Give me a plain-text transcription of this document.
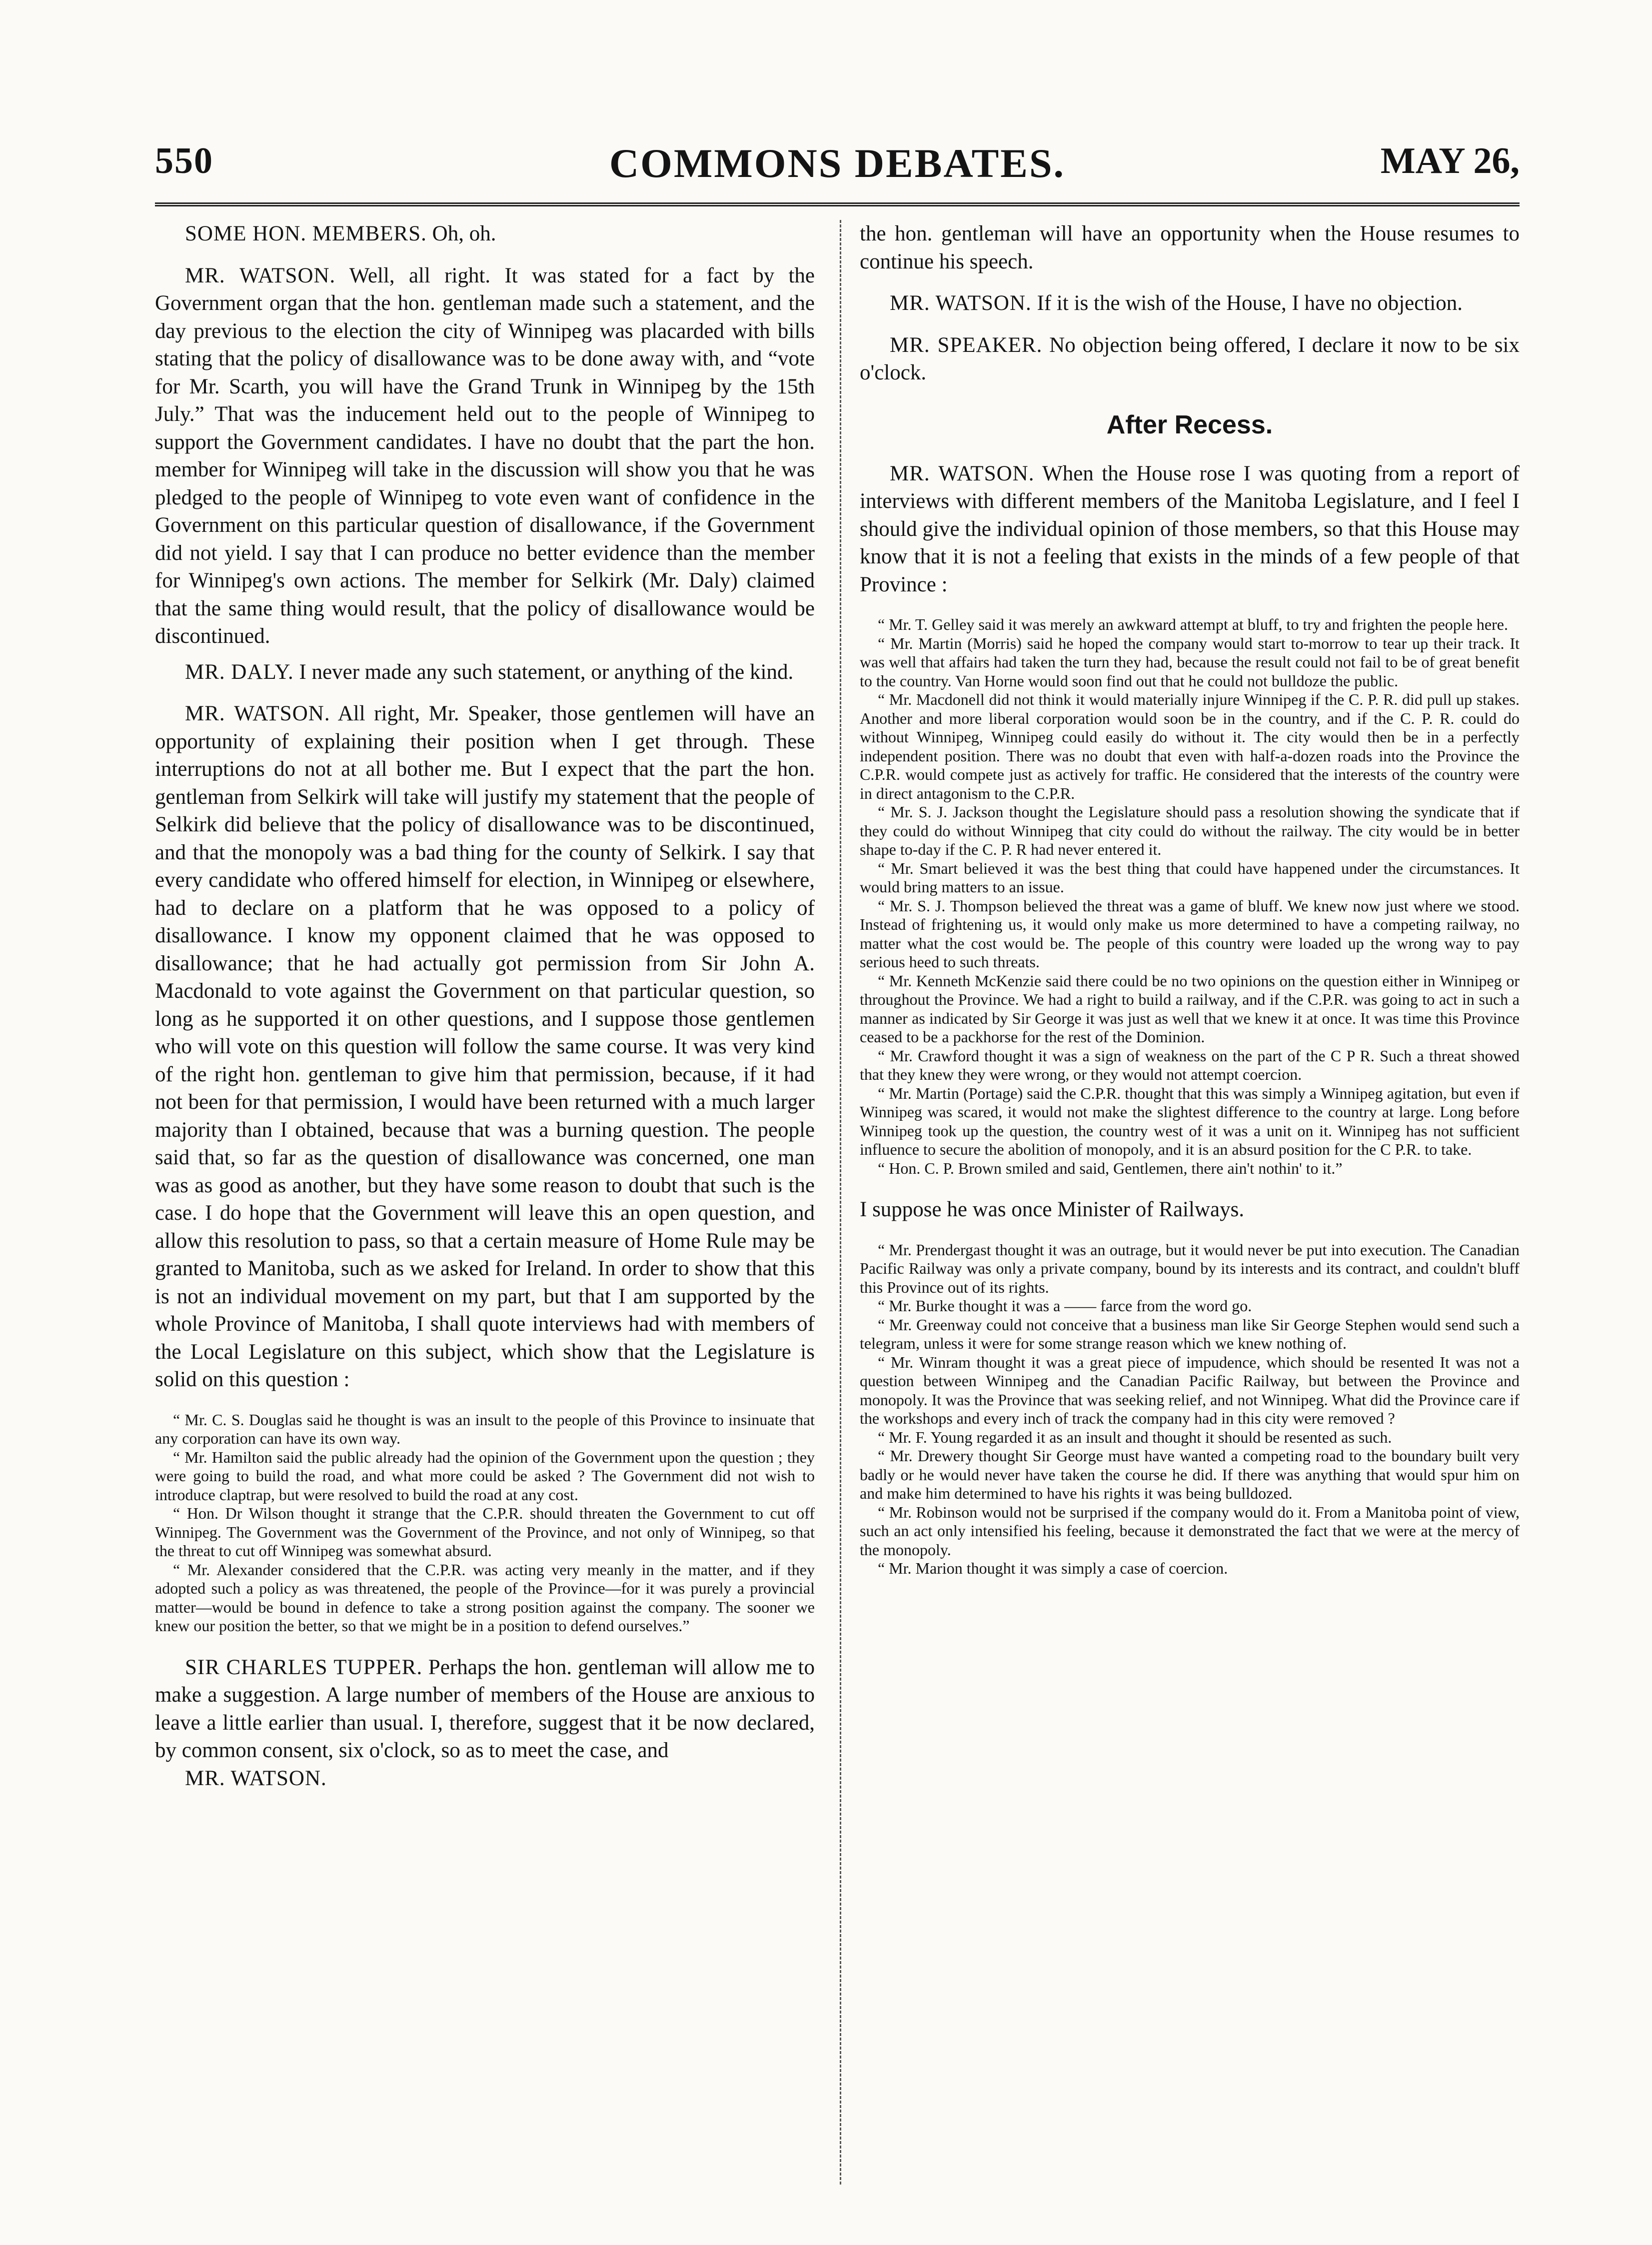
550	COMMONS DEBATES.	MAY 26,

SOME HON. MEMBERS. Oh, oh.

MR. WATSON. Well, all right. It was stated for a fact by the Government organ that the hon. gentleman made such a statement, and the day previous to the election the city of Winnipeg was placarded with bills stating that the policy of disallowance was to be done away with, and “vote for Mr. Scarth, you will have the Grand Trunk in Winnipeg by the 15th July.” That was the inducement held out to the people of Winnipeg to support the Government candidates. I have no doubt that the part the hon. member for Winnipeg will take in the discussion will show you that he was pledged to the people of Winnipeg to vote even want of confidence in the Government on this particular question of disallowance, if the Government did not yield. I say that I can produce no better evidence than the member for Winnipeg's own actions. The member for Selkirk (Mr. Daly) claimed that the same thing would result, that the policy of disallowance would be discontinued.

MR. DALY. I never made any such statement, or anything of the kind.

MR. WATSON. All right, Mr. Speaker, those gentlemen will have an opportunity of explaining their position when I get through. These interruptions do not at all bother me. But I expect that the part the hon. gentleman from Selkirk will take will justify my statement that the people of Selkirk did believe that the policy of disallowance was to be discontinued, and that the monopoly was a bad thing for the county of Selkirk. I say that every candidate who offered himself for election, in Winnipeg or elsewhere, had to declare on a platform that he was opposed to a policy of disallowance. I know my opponent claimed that he was opposed to disallowance; that he had actually got permission from Sir John A. Macdonald to vote against the Government on that particular question, so long as he supported it on other questions, and I suppose those gentlemen who will vote on this question will follow the same course. It was very kind of the right hon. gentleman to give him that permission, because, if it had not been for that permission, I would have been returned with a much larger majority than I obtained, because that was a burning question. The people said that, so far as the question of disallowance was concerned, one man was as good as another, but they have some reason to doubt that such is the case. I do hope that the Government will leave this an open question, and allow this resolution to pass, so that a certain measure of Home Rule may be granted to Manitoba, such as we asked for Ireland. In order to show that this is not an individual movement on my part, but that I am supported by the whole Province of Manitoba, I shall quote interviews had with members of the Local Legislature on this subject, which show that the Legislature is solid on this question :

“ Mr. C. S. Douglas said he thought is was an insult to the people of this Province to insinuate that any corporation can have its own way.

“ Mr. Hamilton said the public already had the opinion of the Government upon the question ; they were going to build the road, and what more could be asked ? The Government did not wish to introduce claptrap, but were resolved to build the road at any cost.

“ Hon. Dr Wilson thought it strange that the C.P.R. should threaten the Government to cut off Winnipeg. The Government was the Government of the Province, and not only of Winnipeg, so that the threat to cut off Winnipeg was somewhat absurd.

“ Mr. Alexander considered that the C.P.R. was acting very meanly in the matter, and if they adopted such a policy as was threatened, the people of the Province—for it was purely a provincial matter—would be bound in defence to take a strong position against the company. The sooner we knew our position the better, so that we might be in a position to defend ourselves.”

SIR CHARLES TUPPER. Perhaps the hon. gentleman will allow me to make a suggestion. A large number of members of the House are anxious to leave a little earlier than usual. I, therefore, suggest that it be now declared, by common consent, six o'clock, so as to meet the case, and
MR. WATSON.

the hon. gentleman will have an opportunity when the House resumes to continue his speech.

MR. WATSON. If it is the wish of the House, I have no objection.

MR. SPEAKER. No objection being offered, I declare it now to be six o'clock.

After Recess.

MR. WATSON. When the House rose I was quoting from a report of interviews with different members of the Manitoba Legislature, and I feel I should give the individual opinion of those members, so that this House may know that it is not a feeling that exists in the minds of a few people of that Province :

“ Mr. T. Gelley said it was merely an awkward attempt at bluff, to try and frighten the people here.

“ Mr. Martin (Morris) said he hoped the company would start to-morrow to tear up their track. It was well that affairs had taken the turn they had, because the result could not fail to be of great benefit to the country. Van Horne would soon find out that he could not bulldoze the public.

“ Mr. Macdonell did not think it would materially injure Winnipeg if the C. P. R. did pull up stakes. Another and more liberal corporation would soon be in the country, and if the C. P. R. could do without Winnipeg, Winnipeg could easily do without it. The city would then be in a perfectly independent position. There was no doubt that even with half-a-dozen roads into the Province the C.P.R. would compete just as actively for traffic. He considered that the interests of the country were in direct antagonism to the C.P.R.

“ Mr. S. J. Jackson thought the Legislature should pass a resolution showing the syndicate that if they could do without Winnipeg that city could do without the railway. The city would be in better shape to-day if the C. P. R had never entered it.

“ Mr. Smart believed it was the best thing that could have happened under the circumstances. It would bring matters to an issue.

“ Mr. S. J. Thompson believed the threat was a game of bluff. We knew now just where we stood. Instead of frightening us, it would only make us more determined to have a competing railway, no matter what the cost would be. The people of this country were loaded up the wrong way to pay serious heed to such threats.

“ Mr. Kenneth McKenzie said there could be no two opinions on the question either in Winnipeg or throughout the Province. We had a right to build a railway, and if the C.P.R. was going to act in such a manner as indicated by Sir George it was just as well that we knew it at once. It was time this Province ceased to be a packhorse for the rest of the Dominion.

“ Mr. Crawford thought it was a sign of weakness on the part of the C P R. Such a threat showed that they knew they were wrong, or they would not attempt coercion.

“ Mr. Martin (Portage) said the C.P.R. thought that this was simply a Winnipeg agitation, but even if Winnipeg was scared, it would not make the slightest difference to the country at large. Long before Winnipeg took up the question, the country west of it was a unit on it. Winnipeg has not sufficient influence to secure the abolition of monopoly, and it is an absurd position for the C P.R. to take.

“ Hon. C. P. Brown smiled and said, Gentlemen, there ain't nothin' to it.”

I suppose he was once Minister of Railways.

“ Mr. Prendergast thought it was an outrage, but it would never be put into execution. The Canadian Pacific Railway was only a private company, bound by its interests and its contract, and couldn't bluff this Province out of its rights.

“ Mr. Burke thought it was a —— farce from the word go.

“ Mr. Greenway could not conceive that a business man like Sir George Stephen would send such a telegram, unless it were for some strange reason which we knew nothing of.

“ Mr. Winram thought it was a great piece of impudence, which should be resented It was not a question between Winnipeg and the Canadian Pacific Railway, but between the Province and monopoly. It was the Province that was seeking relief, and not Winnipeg. What did the Province care if the workshops and every inch of track the company had in this city were removed ?

“ Mr. F. Young regarded it as an insult and thought it should be resented as such.

“ Mr. Drewery thought Sir George must have wanted a competing road to the boundary built very badly or he would never have taken the course he did. If there was anything that would spur him on and make him determined to have his rights it was being bulldozed.

“ Mr. Robinson would not be surprised if the company would do it. From a Manitoba point of view, such an act only intensified his feeling, because it demonstrated the fact that we were at the mercy of the monopoly.

“ Mr. Marion thought it was simply a case of coercion.
